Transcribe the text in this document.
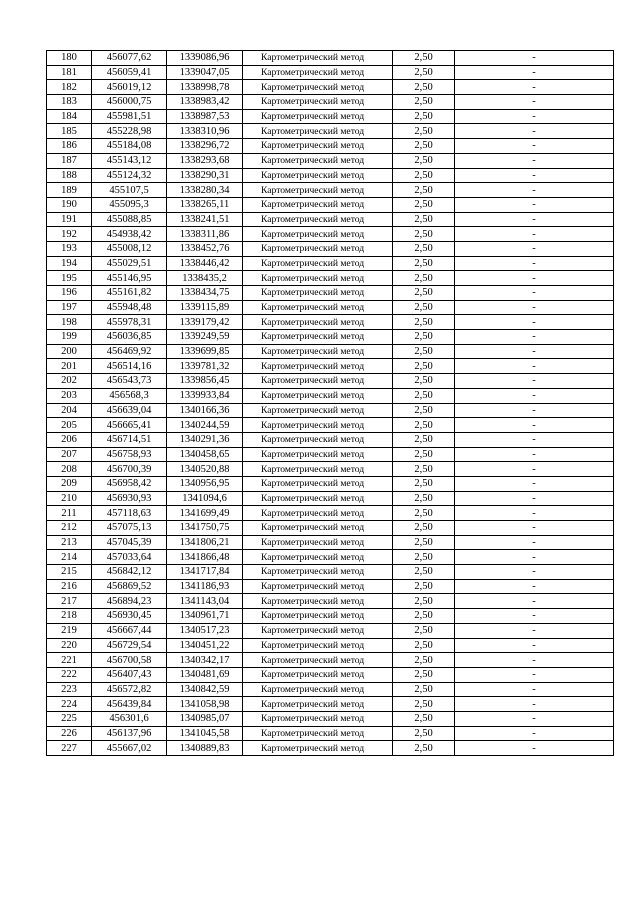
180	456077,62	1339086,96	Картометрический метод	2,50	-
181	456059,41	1339047,05	Картометрический метод	2,50	-
182	456019,12	1338998,78	Картометрический метод	2,50	-
183	456000,75	1338983,42	Картометрический метод	2,50	-
184	455981,51	1338987,53	Картометрический метод	2,50	-
185	455228,98	1338310,96	Картометрический метод	2,50	-
186	455184,08	1338296,72	Картометрический метод	2,50	-
187	455143,12	1338293,68	Картометрический метод	2,50	-
188	455124,32	1338290,31	Картометрический метод	2,50	-
189	455107,5	1338280,34	Картометрический метод	2,50	-
190	455095,3	1338265,11	Картометрический метод	2,50	-
191	455088,85	1338241,51	Картометрический метод	2,50	-
192	454938,42	1338311,86	Картометрический метод	2,50	-
193	455008,12	1338452,76	Картометрический метод	2,50	-
194	455029,51	1338446,42	Картометрический метод	2,50	-
195	455146,95	1338435,2	Картометрический метод	2,50	-
196	455161,82	1338434,75	Картометрический метод	2,50	-
197	455948,48	1339115,89	Картометрический метод	2,50	-
198	455978,31	1339179,42	Картометрический метод	2,50	-
199	456036,85	1339249,59	Картометрический метод	2,50	-
200	456469,92	1339699,85	Картометрический метод	2,50	-
201	456514,16	1339781,32	Картометрический метод	2,50	-
202	456543,73	1339856,45	Картометрический метод	2,50	-
203	456568,3	1339933,84	Картометрический метод	2,50	-
204	456639,04	1340166,36	Картометрический метод	2,50	-
205	456665,41	1340244,59	Картометрический метод	2,50	-
206	456714,51	1340291,36	Картометрический метод	2,50	-
207	456758,93	1340458,65	Картометрический метод	2,50	-
208	456700,39	1340520,88	Картометрический метод	2,50	-
209	456958,42	1340956,95	Картометрический метод	2,50	-
210	456930,93	1341094,6	Картометрический метод	2,50	-
211	457118,63	1341699,49	Картометрический метод	2,50	-
212	457075,13	1341750,75	Картометрический метод	2,50	-
213	457045,39	1341806,21	Картометрический метод	2,50	-
214	457033,64	1341866,48	Картометрический метод	2,50	-
215	456842,12	1341717,84	Картометрический метод	2,50	-
216	456869,52	1341186,93	Картометрический метод	2,50	-
217	456894,23	1341143,04	Картометрический метод	2,50	-
218	456930,45	1340961,71	Картометрический метод	2,50	-
219	456667,44	1340517,23	Картометрический метод	2,50	-
220	456729,54	1340451,22	Картометрический метод	2,50	-
221	456700,58	1340342,17	Картометрический метод	2,50	-
222	456407,43	1340481,69	Картометрический метод	2,50	-
223	456572,82	1340842,59	Картометрический метод	2,50	-
224	456439,84	1341058,98	Картометрический метод	2,50	-
225	456301,6	1340985,07	Картометрический метод	2,50	-
226	456137,96	1341045,58	Картометрический метод	2,50	-
227	455667,02	1340889,83	Картометрический метод	2,50	-
